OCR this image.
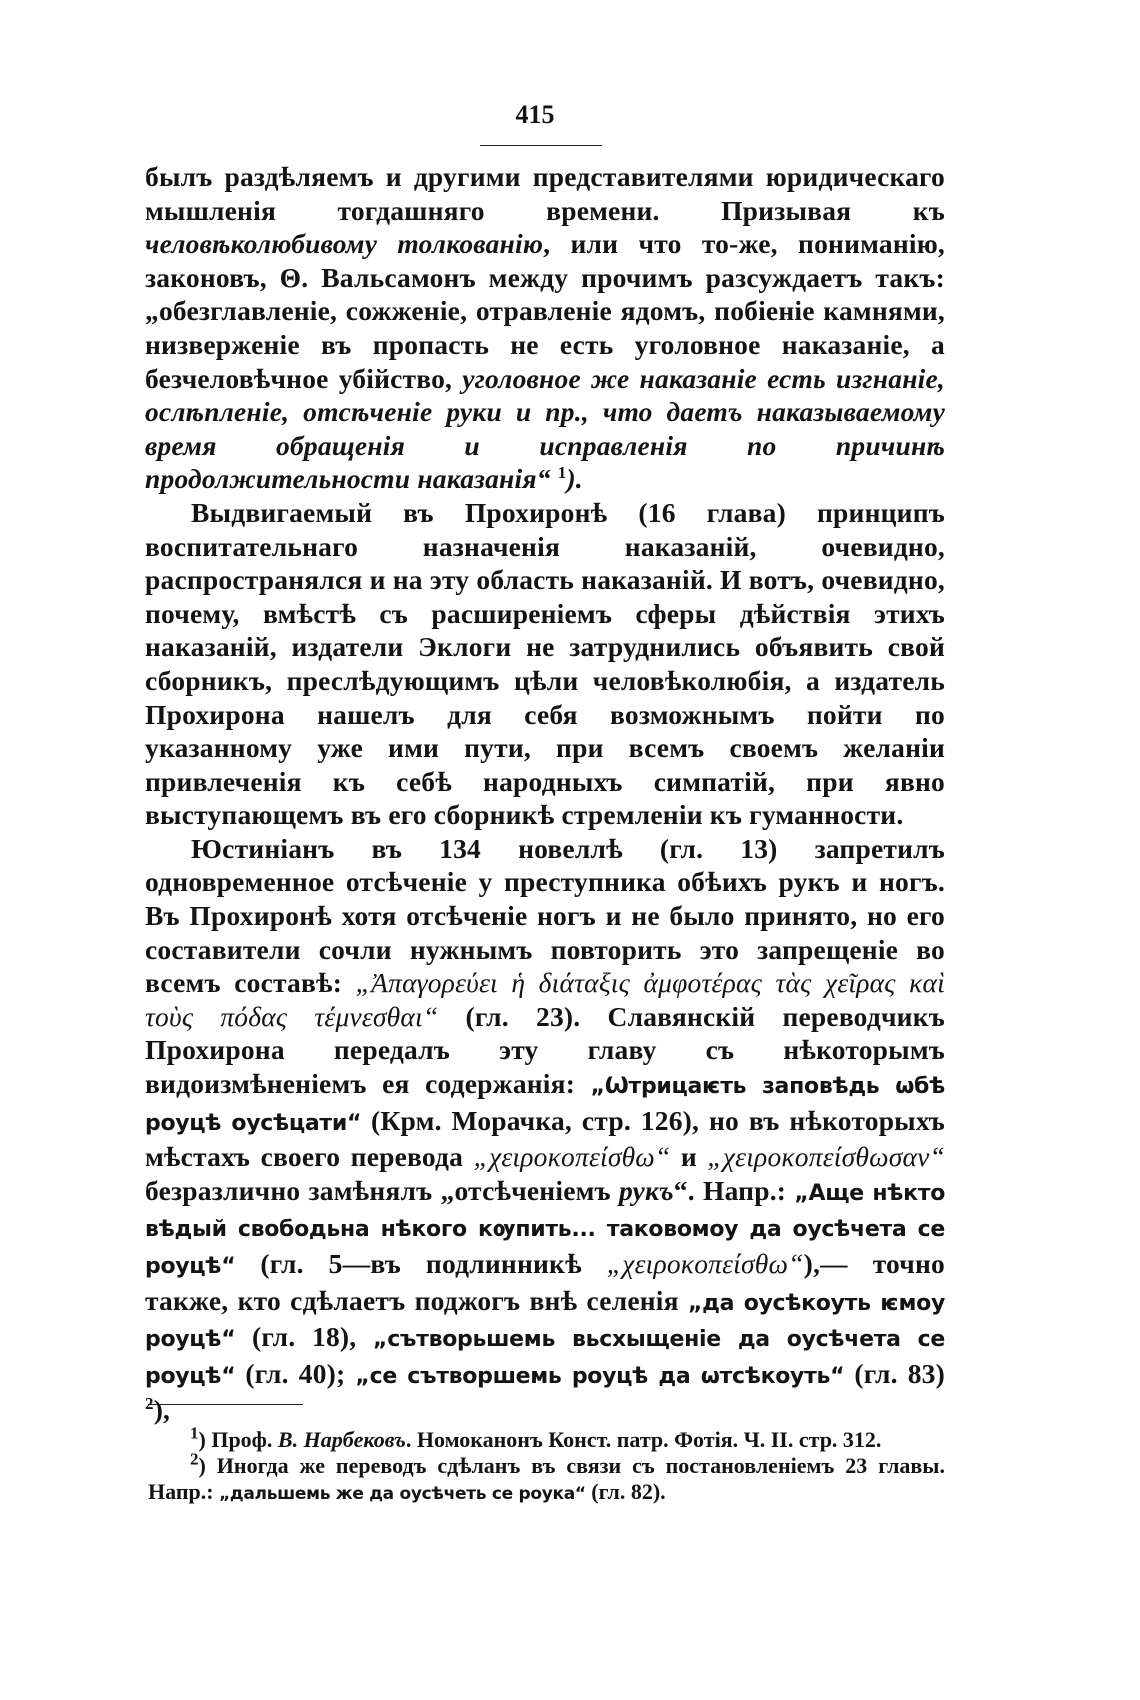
415

былъ раздѣляемъ и другими представителями юридическаго мышленія тогдашняго времени. Призывая къ человѣколюбивому толкованію, или что то-же, пониманію, законовъ, Θ. Вальсамонъ между прочимъ разсуждаетъ такъ: „обезглавленіе, сожженіе, отравленіе ядомъ, побіеніе камнями, низверженіе въ пропасть не есть уголовное наказаніе, а безчеловѣчное убійство, уголовное же наказаніе есть изгнаніе, ослѣпленіе, отсѣченіе руки и пр., что даетъ наказываемому время обращенія и исправленія по причинѣ продолжительности наказанія“ $^1$).

Выдвигаемый въ Прохиронѣ (16 глава) принципъ воспитательнаго назначенія наказаній, очевидно, распространялся и на эту область наказаній. И вотъ, очевидно, почему, вмѣстѣ съ расширеніемъ сферы дѣйствія этихъ наказаній, издатели Эклоги не затруднились объявить свой сборникъ, преслѣдующимъ цѣли человѣколюбія, а издатель Прохирона нашелъ для себя возможнымъ пойти по указанному уже ими пути, при всемъ своемъ желаніи привлеченія къ себѣ народныхъ симпатій, при явно выступающемъ въ его сборникѣ стремленіи къ гуманности.

Юстиніанъ въ 134 новеллѣ (гл. 13) запретилъ одновременное отсѣченіе у преступника обѣихъ рукъ и ногъ. Въ Прохиронѣ хотя отсѣченіе ногъ и не было принято, но его составители сочли нужнымъ повторить это запрещеніе во всемъ составѣ: „Ἀπαγορεύει ἡ διάταξις ἀμφοτέρας τὰς χεῖρας καὶ τοὺς πόδας τέμνεσθαι“ (гл. 23). Славянскій переводчикъ Прохирона передалъ эту главу съ нѣкоторымъ видоизмѣненіемъ ея содержанія: „Ѡтрицаѥть заповѣдь ѡбѣ роуцѣ оусѣцати“ (Крм. Морачка, стр. 126), но въ нѣкоторыхъ мѣстахъ своего перевода „χειροκοπείσθω“ и „χειροκοπείσθωσαν“ безразлично замѣнялъ „отсѣченіемъ рукъ“. Напр.: „Аще нѣкто вѣдый свободьна нѣкого кѹпить... таковомоу да оусѣчета се роуцѣ“ (гл. 5—въ подлинникѣ „χειροκοπείσθω“),— точно также, кто сдѣлаетъ поджогъ внѣ селенія „да оусѣкоуть ѥмоу роуцѣ“ (гл. 18), „сътворьшемь вьсхыщеніе да оусѣчета се роуцѣ“ (гл. 40); „се сътворшемь роуцѣ да ѡтсѣкоуть“ (гл. 83) $^2$),

$^1$) Проф. В. Нарбековъ. Номоканонъ Конст. патр. Фотія. Ч. II. стр. 312.

$^2$) Иногда же переводъ сдѣланъ въ связи съ постановленіемъ 23 главы. Напр.: „дальшемь же да оусѣчеть се роука“ (гл. 82).
